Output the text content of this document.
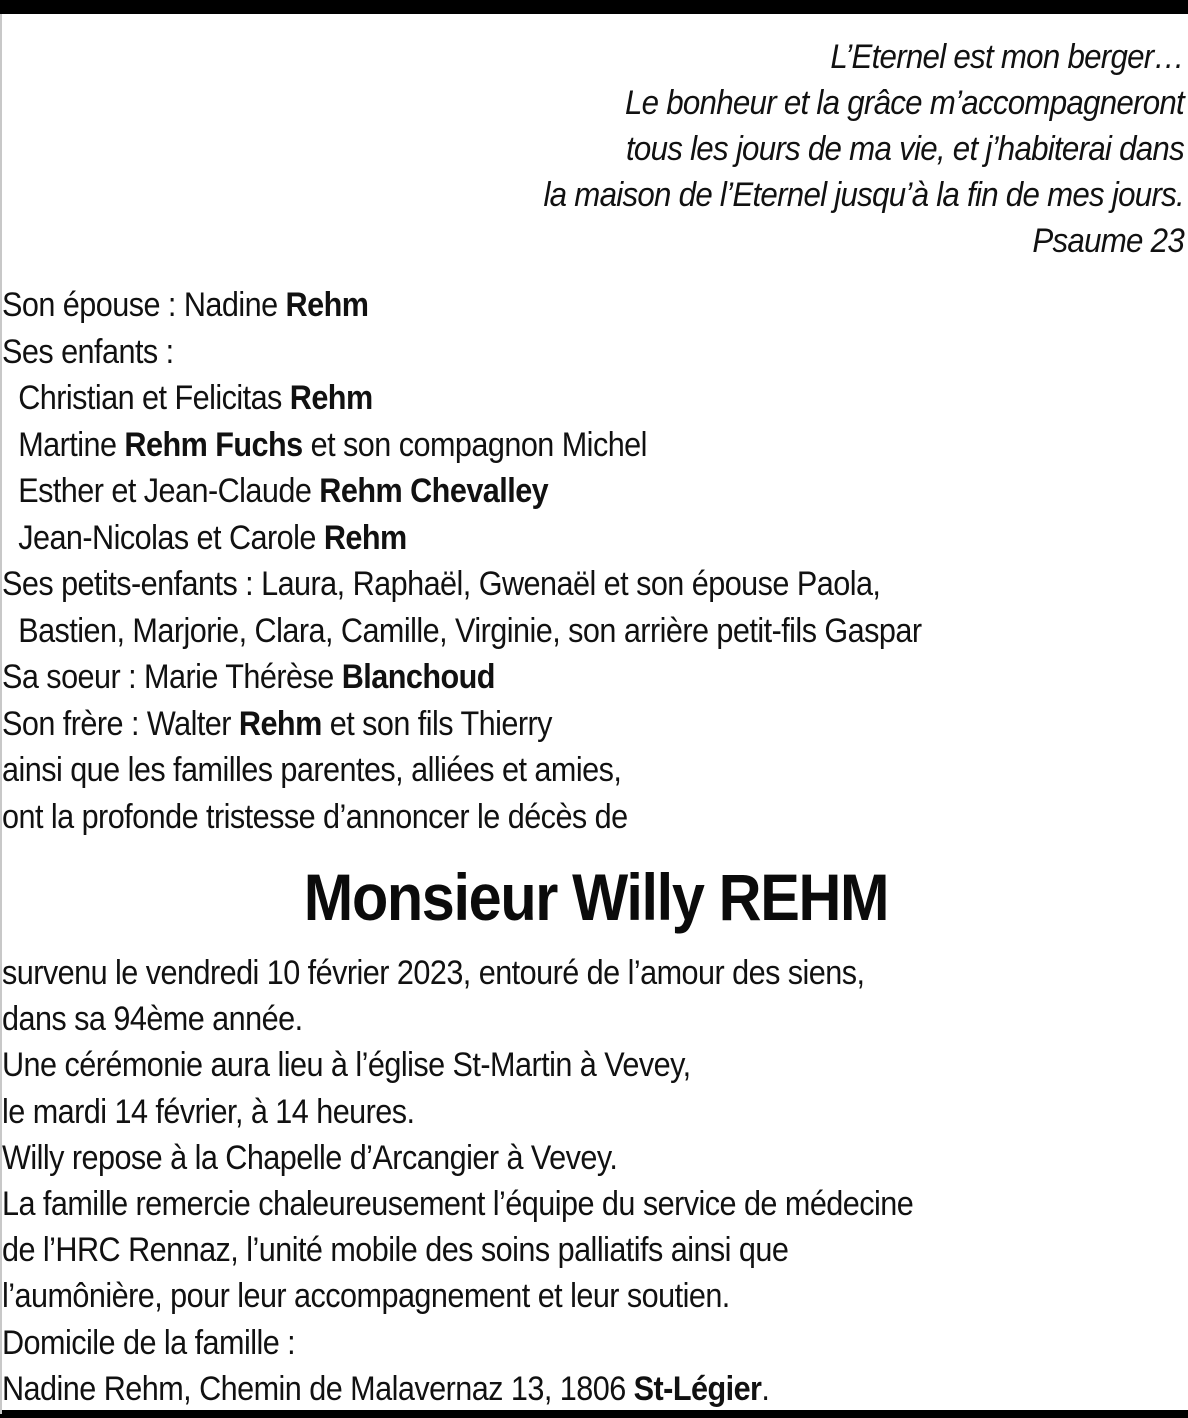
L’Eternel est mon berger…
Le bonheur et la grâce m’accompagneront
tous les jours de ma vie, et j’habiterai dans
la maison de l’Eternel jusqu’à la fin de mes jours.
Psaume 23
Son épouse : Nadine Rehm
Ses enfants :
Christian et Felicitas Rehm
Martine Rehm Fuchs et son compagnon Michel
Esther et Jean-Claude Rehm Chevalley
Jean-Nicolas et Carole Rehm
Ses petits-enfants : Laura, Raphaël, Gwenaël et son épouse Paola,
Bastien, Marjorie, Clara, Camille, Virginie, son arrière petit-fils Gaspar
Sa soeur : Marie Thérèse Blanchoud
Son frère : Walter Rehm et son fils Thierry
ainsi que les familles parentes, alliées et amies,
ont la profonde tristesse d’annoncer le décès de
Monsieur Willy REHM
survenu le vendredi 10 février 2023, entouré de l’amour des siens,
dans sa 94ème année.
Une cérémonie aura lieu à l’église St-Martin à Vevey,
le mardi 14 février, à 14 heures.
Willy repose à la Chapelle d’Arcangier à Vevey.
La famille remercie chaleureusement l’équipe du service de médecine
de l’HRC Rennaz, l’unité mobile des soins palliatifs ainsi que
l’aumônière, pour leur accompagnement et leur soutien.
Domicile de la famille :
Nadine Rehm, Chemin de Malavernaz 13, 1806 St-Légier.
